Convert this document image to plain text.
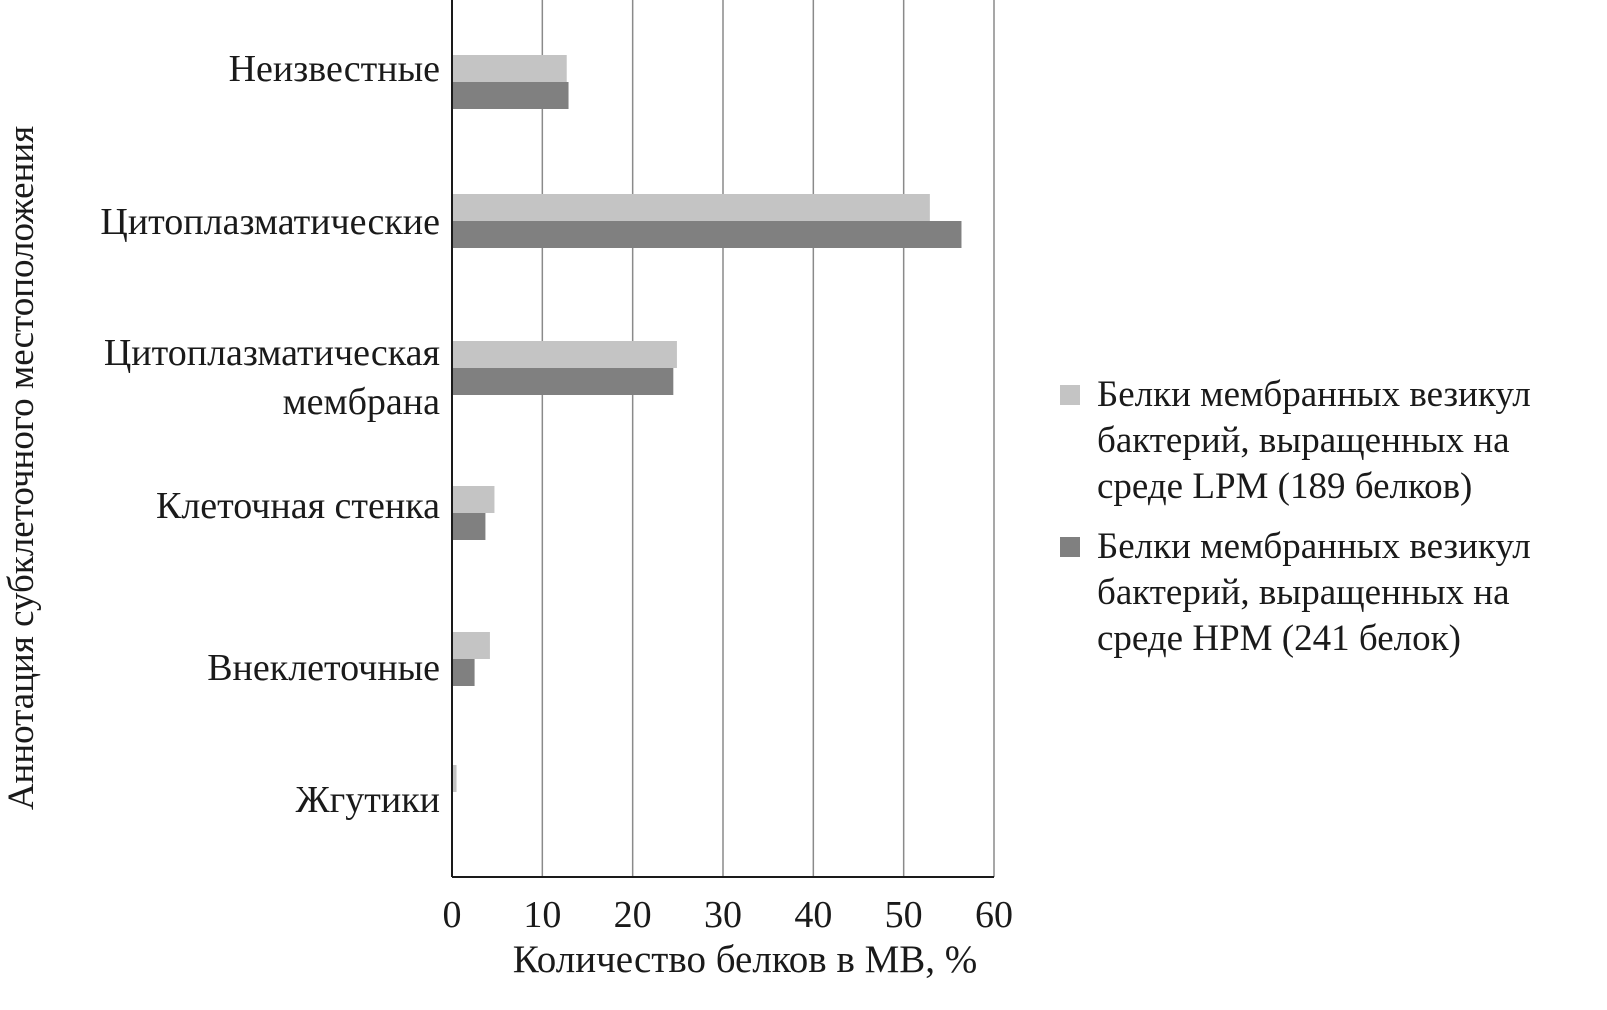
0 10 20 30 40 50 60
Неизвестные
Цитоплазматические
Цитоплазматическая
мембрана
Клеточная стенка
Внеклеточные
Жгутики
Количество белков в МВ, %
Аннотация субклеточного местоположения	Белки мембранных везикул бактерий, выращенных на среде LPM (189 белков)
Белки мембранных везикул бактерий, выращенных на среде HPM (241 белок)
